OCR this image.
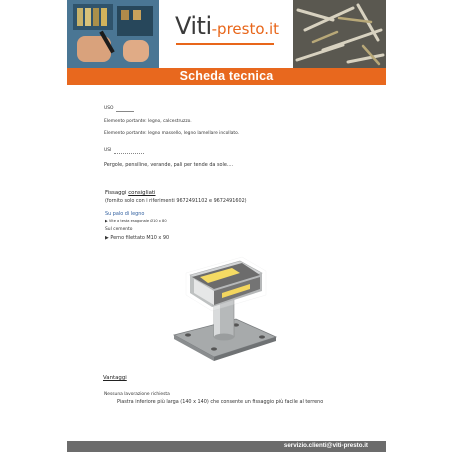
Viti-presto.it
Scheda tecnica
USO
Elemento portante: legno, calcestruzzo.
Elemento portante: legno massello, legno lamellare incollato.
USI
Pergole, pensiline, verande, pali per tende da sole....
Fissaggi consigliati
(fornito solo con i riferimenti 9672491102 e 9672491602)
Su palo di legno
▶ Vite a testa esagonale Ø10 x 80
Sul cemento
▶ Perno filettato M10 x 90
Vantaggi
Nessuna lavorazione richiesta
Piastra inferiore più larga (140 x 140) che consente un fissaggio più facile al terreno
servizio.clienti@viti-presto.it
